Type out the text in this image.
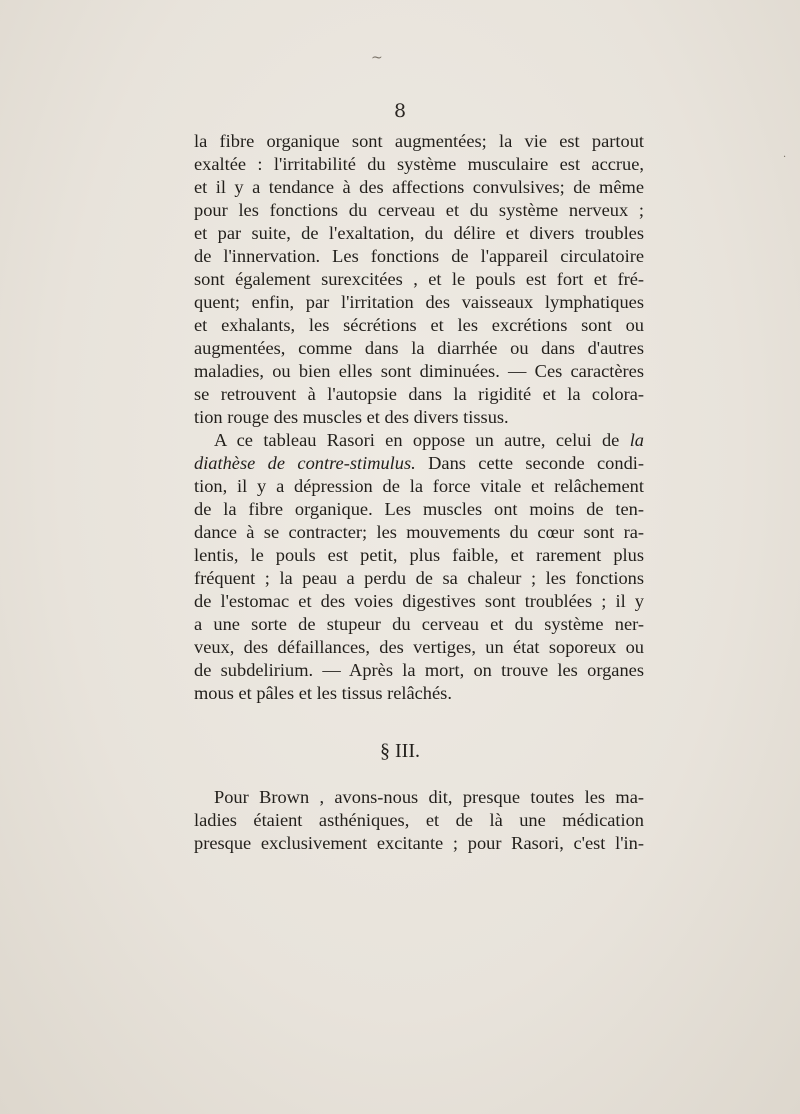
~
·
8
la fibre organique sont augmentées; la vie est partout
exaltée : l'irritabilité du système musculaire est accrue,
et il y a tendance à des affections convulsives; de même
pour les fonctions du cerveau et du système nerveux ;
et par suite, de l'exaltation, du délire et divers troubles
de l'innervation. Les fonctions de l'appareil circulatoire
sont également surexcitées , et le pouls est fort et fré-
quent; enfin, par l'irritation des vaisseaux lymphatiques
et exhalants, les sécrétions et les excrétions sont ou
augmentées, comme dans la diarrhée ou dans d'autres
maladies, ou bien elles sont diminuées. — Ces caractères
se retrouvent à l'autopsie dans la rigidité et la colora-
tion rouge des muscles et des divers tissus.
A ce tableau Rasori en oppose un autre, celui de la
diathèse de contre-stimulus. Dans cette seconde condi-
tion, il y a dépression de la force vitale et relâchement
de la fibre organique. Les muscles ont moins de ten-
dance à se contracter; les mouvements du cœur sont ra-
lentis, le pouls est petit, plus faible, et rarement plus
fréquent ; la peau a perdu de sa chaleur ; les fonctions
de l'estomac et des voies digestives sont troublées ; il y
a une sorte de stupeur du cerveau et du système ner-
veux, des défaillances, des vertiges, un état soporeux ou
de subdelirium. — Après la mort, on trouve les organes
mous et pâles et les tissus relâchés.
§ III.
Pour Brown , avons-nous dit, presque toutes les ma-
ladies étaient asthéniques, et de là une médication
presque exclusivement excitante ; pour Rasori, c'est l'in-
